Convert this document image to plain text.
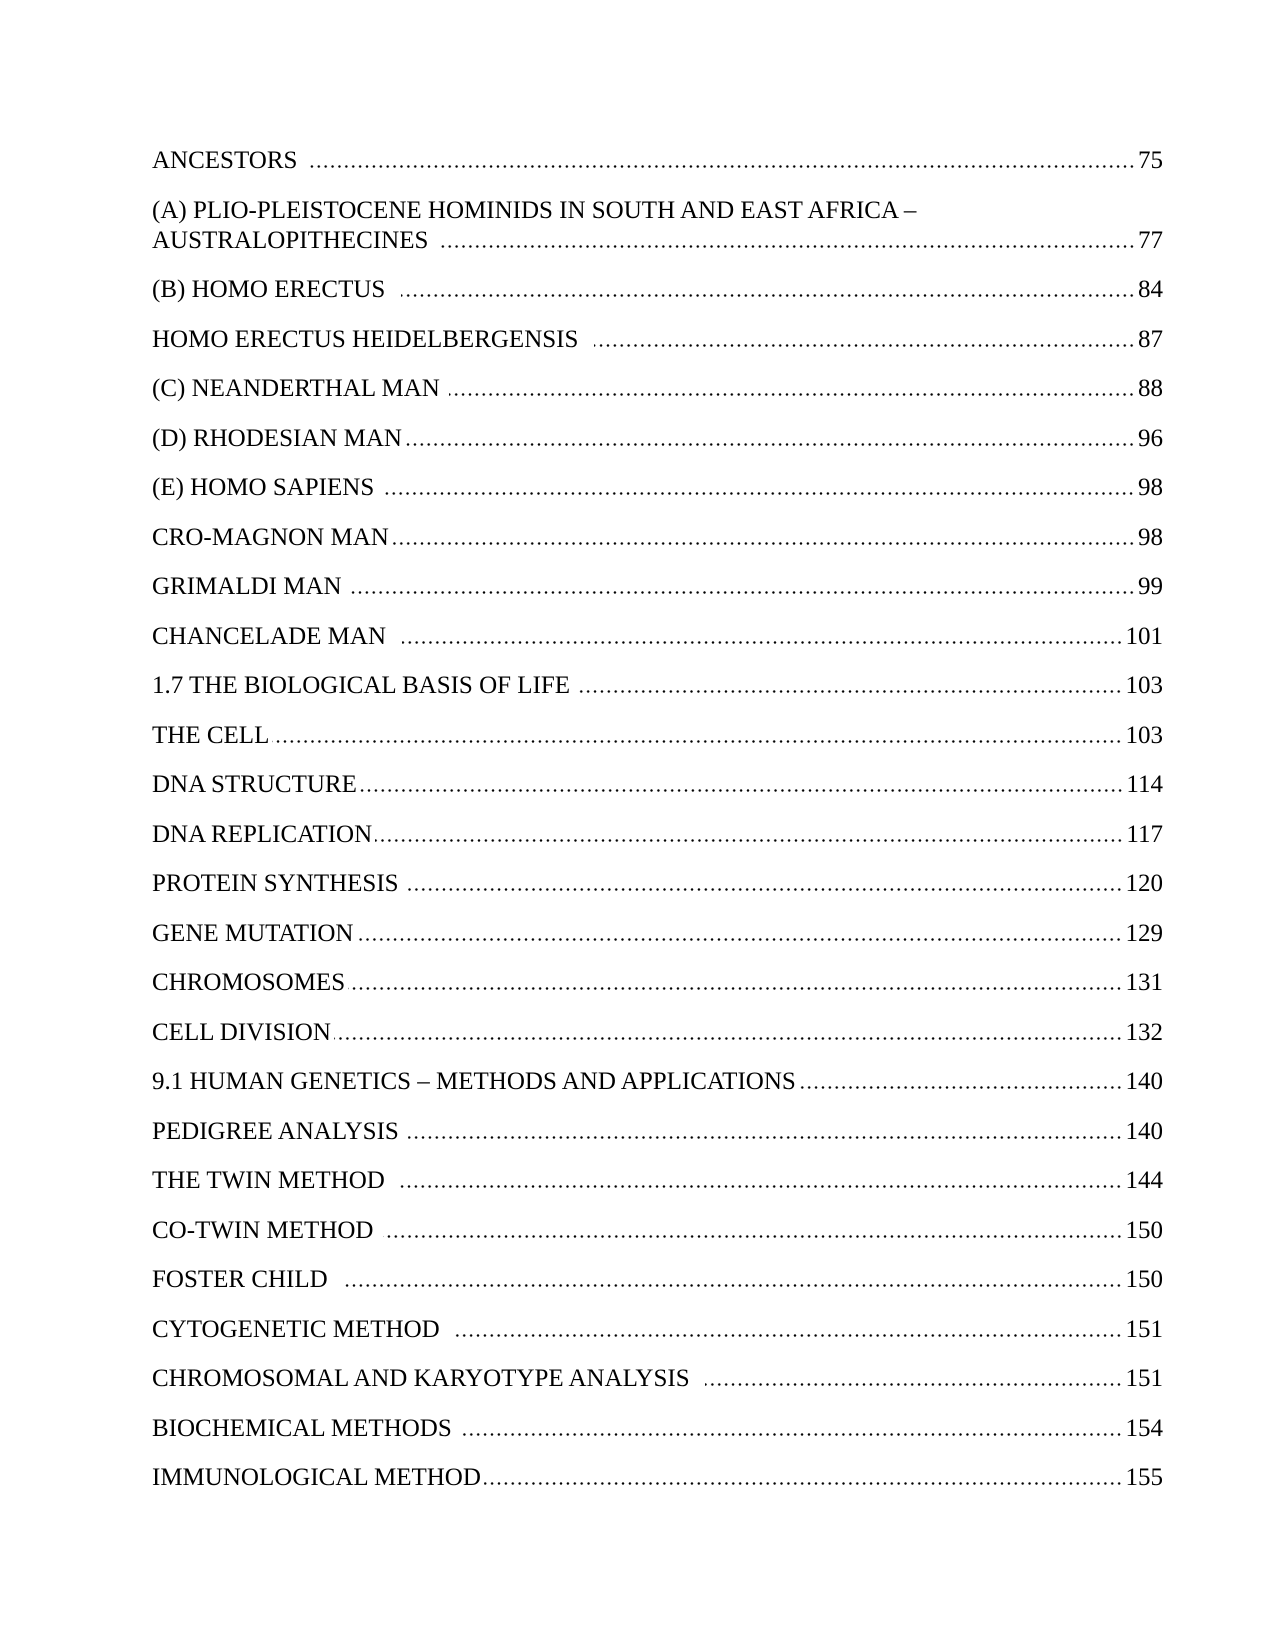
ANCESTORS	75
(A) PLIO-PLEISTOCENE HOMINIDS IN SOUTH AND EAST AFRICA –
AUSTRALOPITHECINES	77
(B) HOMO ERECTUS	84
HOMO ERECTUS HEIDELBERGENSIS	87
(C) NEANDERTHAL MAN	88
(D) RHODESIAN MAN	96
(E) HOMO SAPIENS	98
CRO-MAGNON MAN	98
GRIMALDI MAN	99
CHANCELADE MAN	101
1.7 THE BIOLOGICAL BASIS OF LIFE	103
THE CELL	103
DNA STRUCTURE	114
DNA REPLICATION	117
PROTEIN SYNTHESIS	120
GENE MUTATION	129
CHROMOSOMES	131
CELL DIVISION	132
9.1 HUMAN GENETICS – METHODS AND APPLICATIONS	140
PEDIGREE ANALYSIS	140
THE TWIN METHOD	144
CO-TWIN METHOD	150
FOSTER CHILD	150
CYTOGENETIC METHOD	151
CHROMOSOMAL AND KARYOTYPE ANALYSIS	151
BIOCHEMICAL METHODS	154
IMMUNOLOGICAL METHOD	155
